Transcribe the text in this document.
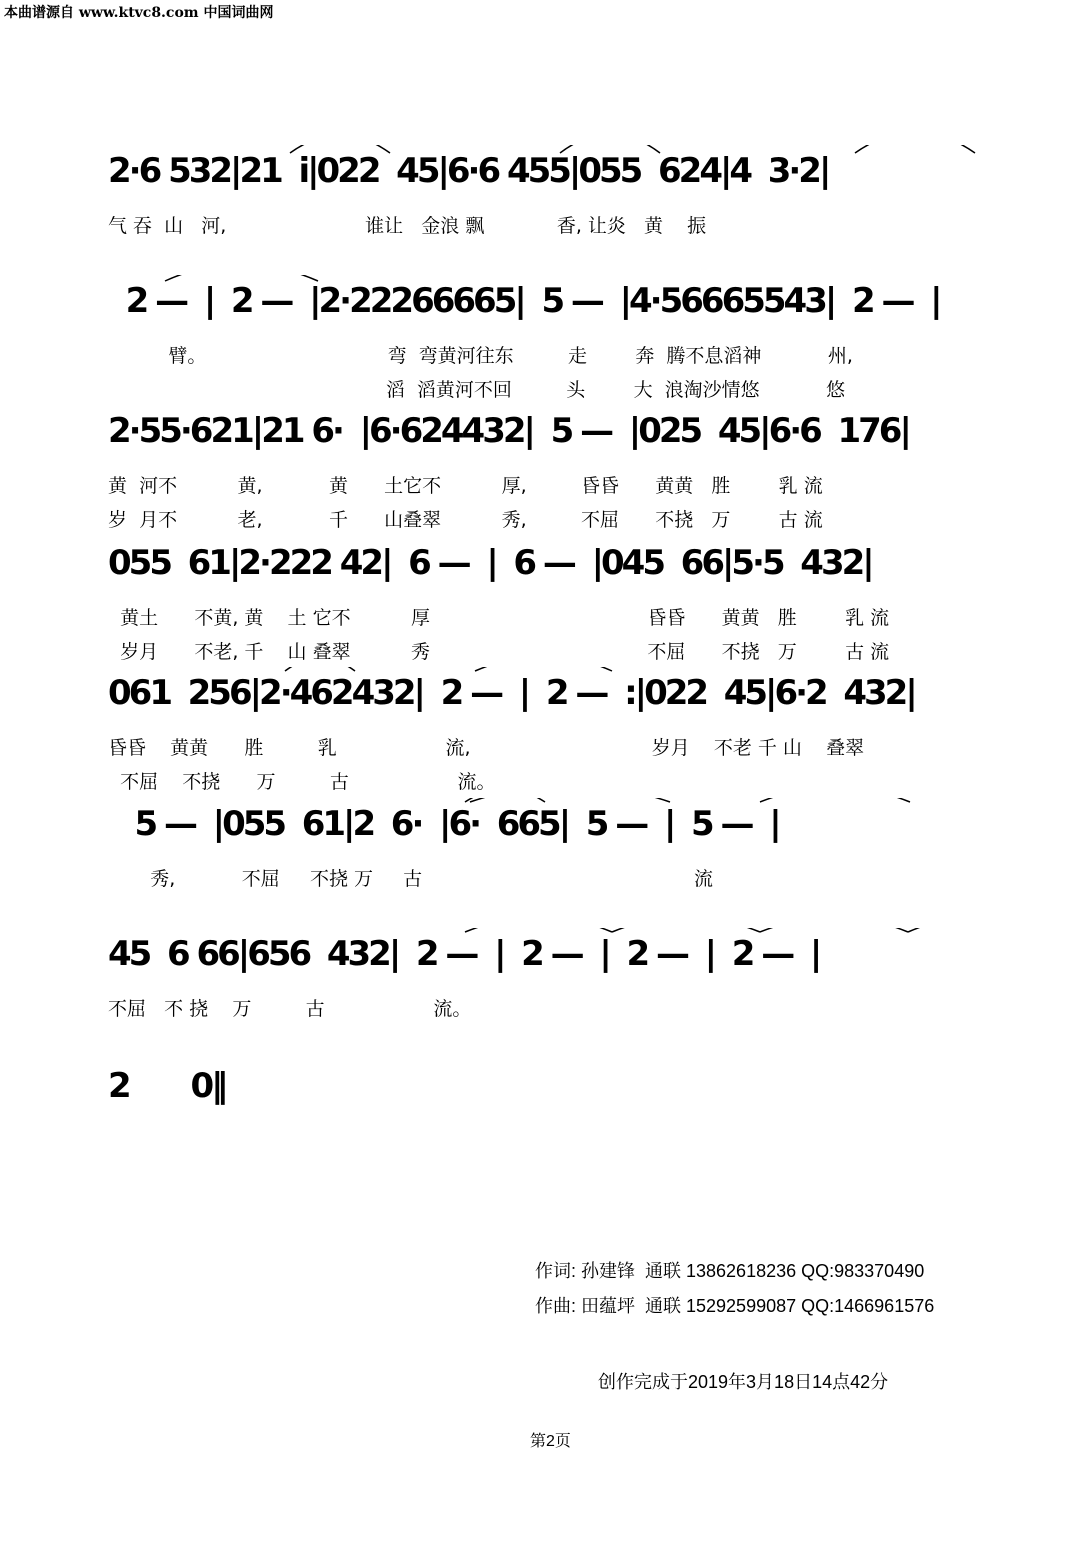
本曲谱源自 www.ktvc8.com 中国词曲网
2·6 532|21  i|022  45|6·6 455|055  624|4  3·2|
气 吞  山   河,                       谁让   金浪 飘            香, 让炎   黄    振
2 —  |  2 —  |2·22266665|  5 —  |4·56665543|  2 —  |
臂。                              弯  弯黄河往东         走        奔  腾不息滔神           州,
滔  滔黄河不回         头        大  浪淘沙情悠           悠
2·55·621|21 6·  |6·624432|  5 —  |025  45|6·6  176|
黄  河不          黄,           黄      土它不          厚,         昏昏      黄黄   胜        乳 流
岁  月不          老,           千      山叠翠          秀,         不屈      不挠   万        古 流
055  61|2·222 42|  6 —  |  6 —  |045  66|5·5  432|
黄土      不黄, 黄    土 它不          厚                                    昏昏      黄黄   胜        乳 流
岁月      不老, 千    山 叠翠          秀                                    不屈      不挠   万        古 流
061  256|2·462432|  2 —  |  2 —  :|022  45|6·2  432|
昏昏    黄黄      胜         乳                  流,                              岁月    不老 千 山    叠翠
不屈    不挠      万         古                  流。
5 —  |055  61|2  6·  |6·  665|  5 —  |  5 —  |
秀,           不屈     不挠 万     古                                             流
45  6 66|656  432|  2 —  |  2 —  |  2 —  |  2 —  |
不屈   不 挠    万         古                  流。
2       0‖
作词: 孙建锋  通联 13862618236 QQ:983370490
作曲: 田蕴坪  通联 15292599087 QQ:1466961576
创作完成于2019年3月18日14点42分
第2页
